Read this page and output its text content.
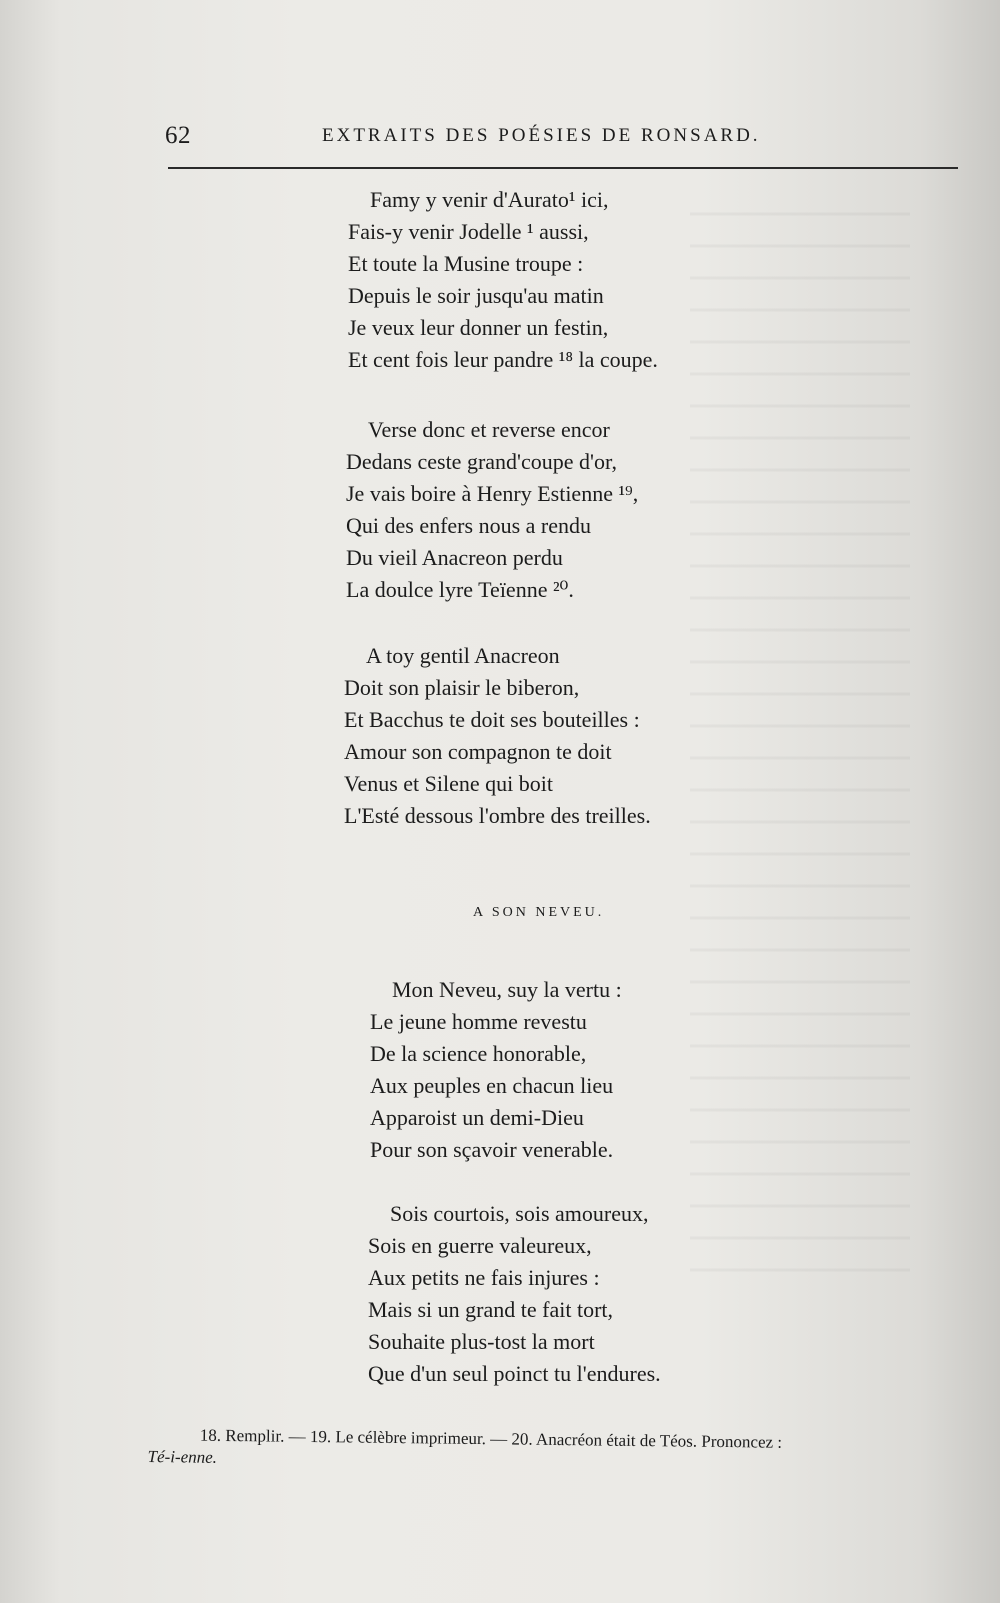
62	EXTRAITS DES POÉSIES DE RONSARD.
Famy y venir d'Aurato¹ ici,
Fais-y venir Jodelle ¹ aussi,
Et toute la Musine troupe :
Depuis le soir jusqu'au matin
Je veux leur donner un festin,
Et cent fois leur pandre ¹⁸ la coupe.
Verse donc et reverse encor
Dedans ceste grand'coupe d'or,
Je vais boire à Henry Estienne ¹⁹,
Qui des enfers nous a rendu
Du vieil Anacreon perdu
La doulce lyre Teïenne ²⁰.
A toy gentil Anacreon
Doit son plaisir le biberon,
Et Bacchus te doit ses bouteilles :
Amour son compagnon te doit
Venus et Silene qui boit
L'Esté dessous l'ombre des treilles.
A SON NEVEU.
Mon Neveu, suy la vertu :
Le jeune homme revestu
De la science honorable,
Aux peuples en chacun lieu
Apparoist un demi-Dieu
Pour son sçavoir venerable.
Sois courtois, sois amoureux,
Sois en guerre valeureux,
Aux petits ne fais injures :
Mais si un grand te fait tort,
Souhaite plus-tost la mort
Que d'un seul poinct tu l'endures.
18. Remplir. — 19. Le célèbre imprimeur. — 20. Anacréon était de Téos. Prononcez :
Té-i-enne.
